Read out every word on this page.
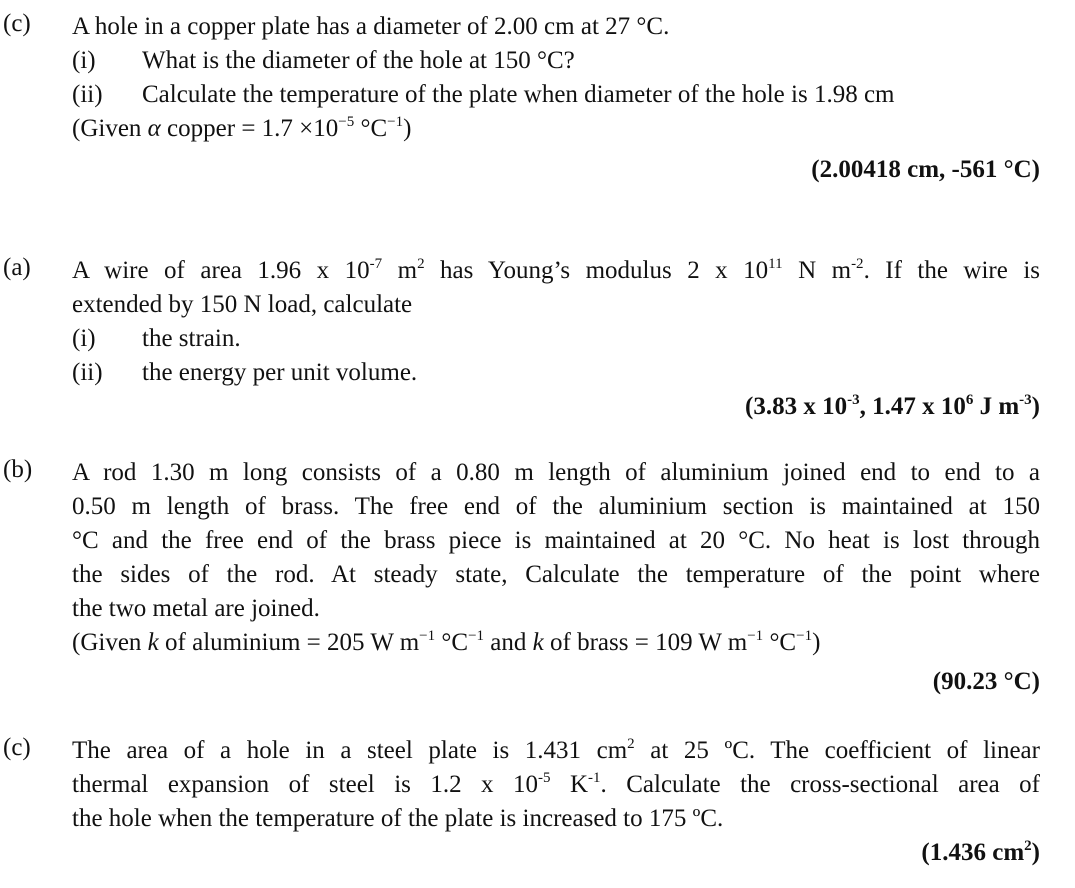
(c) A hole in a copper plate has a diameter of 2.00 cm at 27 °C.
(i) What is the diameter of the hole at 150 °C?
(ii) Calculate the temperature of the plate when diameter of the hole is 1.98 cm
(Given α copper = $1.7 \times 10^{-5}$ $^\circ C^{-1}$)
(2.00418 cm, -561 °C)
(a) A wire of area 1.96 x $10^{-7}$ $m^2$ has Young’s modulus 2 x $10^{11}$ N $m^{-2}$. If the wire is
extended by 150 N load, calculate
(i) the strain.
(ii) the energy per unit volume.
(3.83 x $10^{-3}$, 1.47 x $10^6$ J $m^{-3}$)
(b) A rod 1.30 m long consists of a 0.80 m length of aluminium joined end to end to a
0.50 m length of brass. The free end of the aluminium section is maintained at 150
°C and the free end of the brass piece is maintained at 20 °C. No heat is lost through
the sides of the rod. At steady state, Calculate the temperature of the point where
the two metal are joined.
(Given k of aluminium = 205 W $m^{-1}$ $^\circ C^{-1}$ and k of brass = 109 W $m^{-1}$ $^\circ C^{-1}$)
(90.23 °C)
(c) The area of a hole in a steel plate is 1.431 $cm^2$ at 25 ºC. The coefficient of linear
thermal expansion of steel is 1.2 x $10^{-5}$ $K^{-1}$. Calculate the cross-sectional area of
the hole when the temperature of the plate is increased to 175 ºC.
(1.436 $cm^2$)
